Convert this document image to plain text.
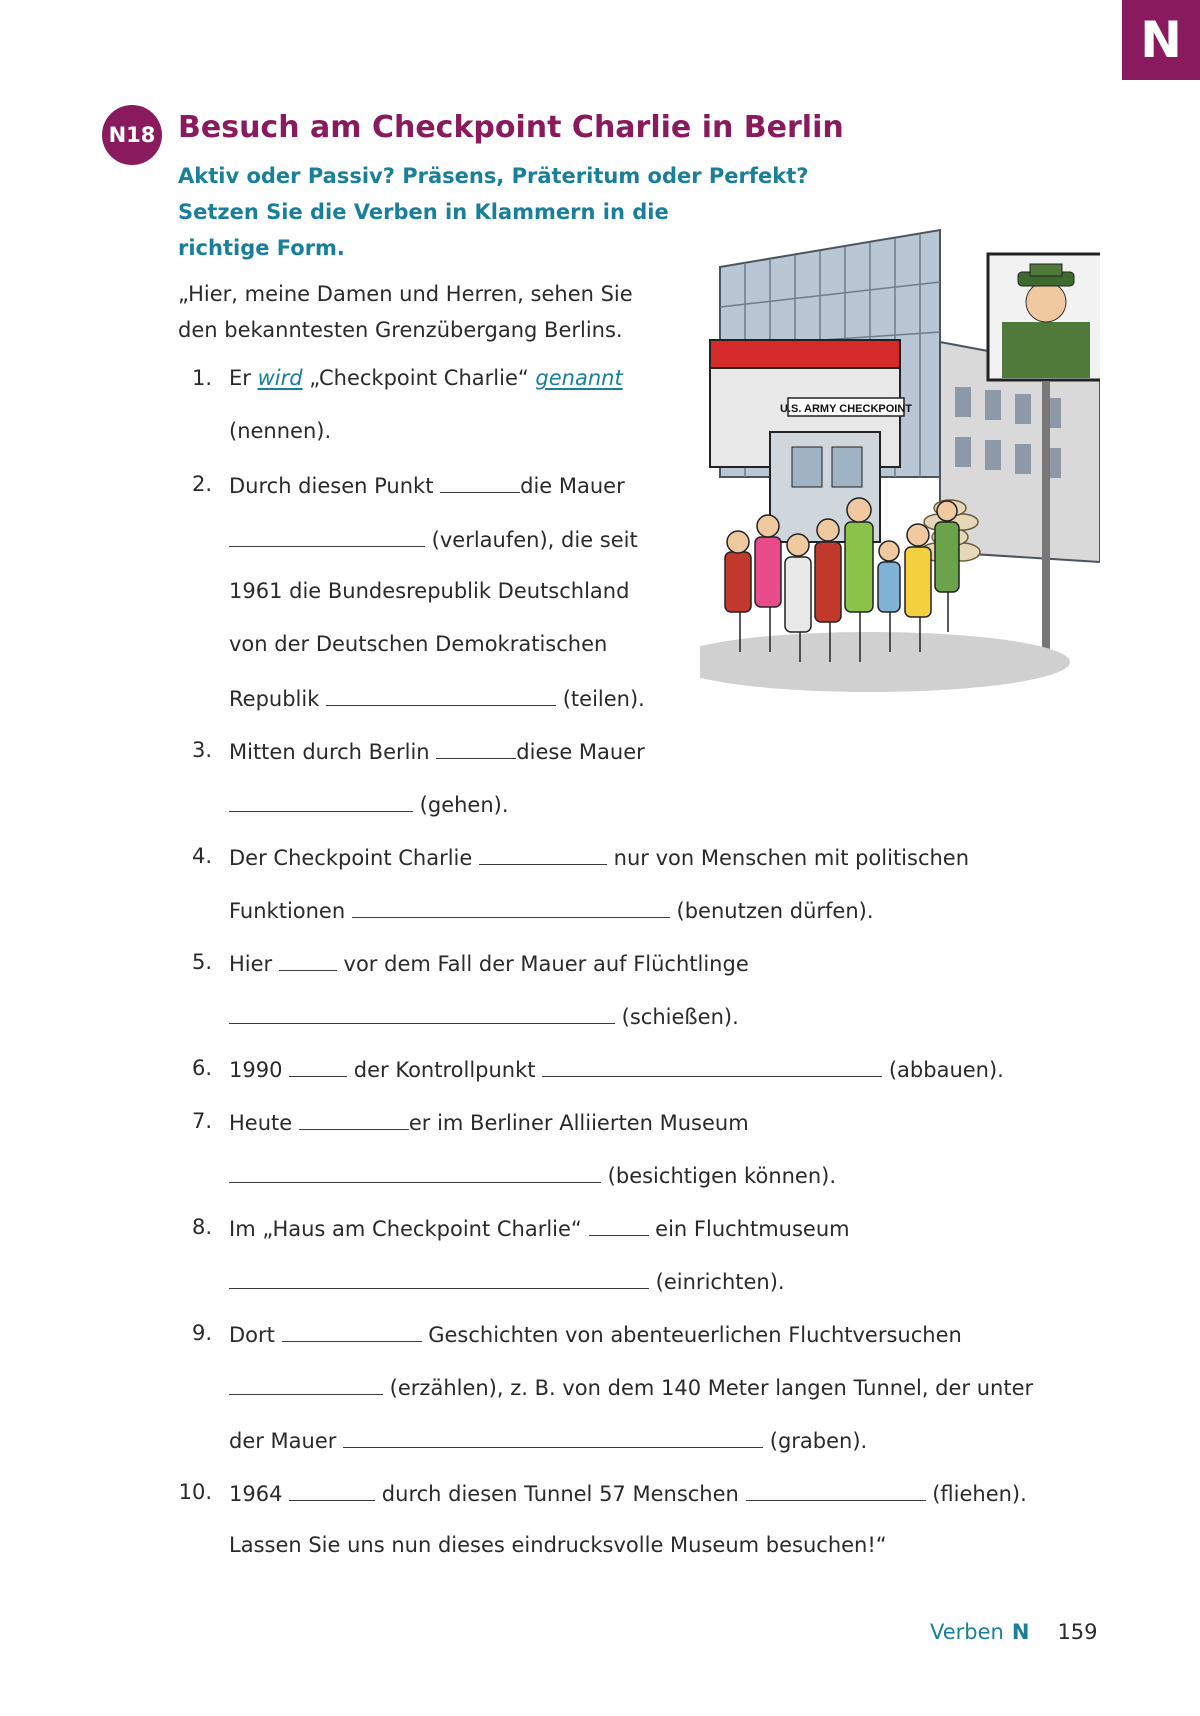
N
N18 Besuch am Checkpoint Charlie in Berlin
Aktiv oder Passiv? Präsens, Präteritum oder Perfekt?
Setzen Sie die Verben in Klammern in die
richtige Form.
„Hier, meine Damen und Herren, sehen Sie
den bekanntesten Grenzübergang Berlins.
U.S. ARMY CHECKPOINT
1. Er wird „Checkpoint Charlie“ genannt
(nennen).
2. Durch diesen Punkt	die Mauer
(verlaufen), die seit
1961 die Bundesrepublik Deutschland
von der Deutschen Demokratischen
Republik	(teilen).
3. Mitten durch Berlin	diese Mauer
(gehen).
4. Der Checkpoint Charlie	nur von Menschen mit politischen
Funktionen	(benutzen dürfen).
5. Hier	vor dem Fall der Mauer auf Flüchtlinge
(schießen).
6. 1990	der Kontrollpunkt	(abbauen).
7. Heute	er im Berliner Alliierten Museum
(besichtigen können).
8. Im „Haus am Checkpoint Charlie“	ein Fluchtmuseum
(einrichten).
9. Dort	Geschichten von abenteuerlichen Fluchtversuchen
(erzählen), z. B. von dem 140 Meter langen Tunnel, der unter
der Mauer	(graben).
10. 1964	durch diesen Tunnel 57 Menschen	(fliehen).
Lassen Sie uns nun dieses eindrucksvolle Museum besuchen!“
Verben N 159
